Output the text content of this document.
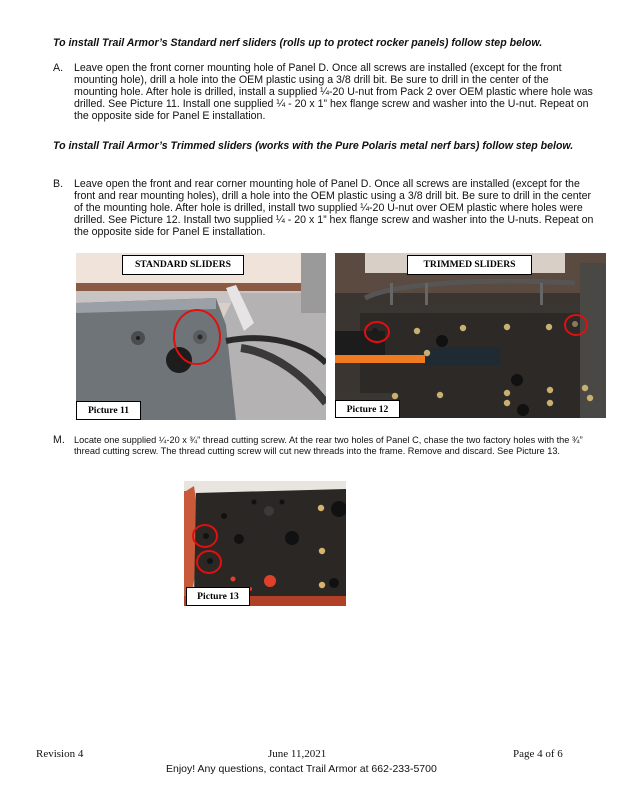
To install Trail Armor’s Standard nerf sliders (rolls up to protect rocker panels) follow step below.
A. Leave open the front corner mounting hole of Panel D. Once all screws are installed (except for the front mounting hole), drill a hole into the OEM plastic using a 3/8 drill bit. Be sure to drill in the center of the mounting hole. After hole is drilled, install a supplied ¼-20 U-nut from Pack 2 over OEM plastic where hole was drilled. See Picture 11. Install one supplied ¼ - 20 x 1” hex flange screw and washer into the U-nut. Repeat on the opposite side for Panel E installation.
To install Trail Armor’s Trimmed sliders (works with the Pure Polaris metal nerf bars) follow step below.
B. Leave open the front and rear corner mounting hole of Panel D. Once all screws are installed (except for the front and rear mounting holes), drill a hole into the OEM plastic using a 3/8 drill bit. Be sure to drill in the center of the mounting hole. After hole is drilled, install two supplied ¼-20 U-nut over OEM plastic where holes were drilled. See Picture 12. Install two supplied ¼ - 20 x 1” hex flange screw and washer into the U-nuts. Repeat on the opposite side for Panel E installation.
STANDARD SLIDERS
Picture 11
TRIMMED SLIDERS
Picture 12
M. Locate one supplied ¼-20 x ¾” thread cutting screw. At the rear two holes of Panel C, chase the two factory holes with the ¾” thread cutting screw. The thread cutting screw will cut new threads into the frame. Remove and discard. See Picture 13.
Picture 13
Revision 4	June 11,2021	Page 4 of 6
Enjoy! Any questions, contact Trail Armor at 662-233-5700
